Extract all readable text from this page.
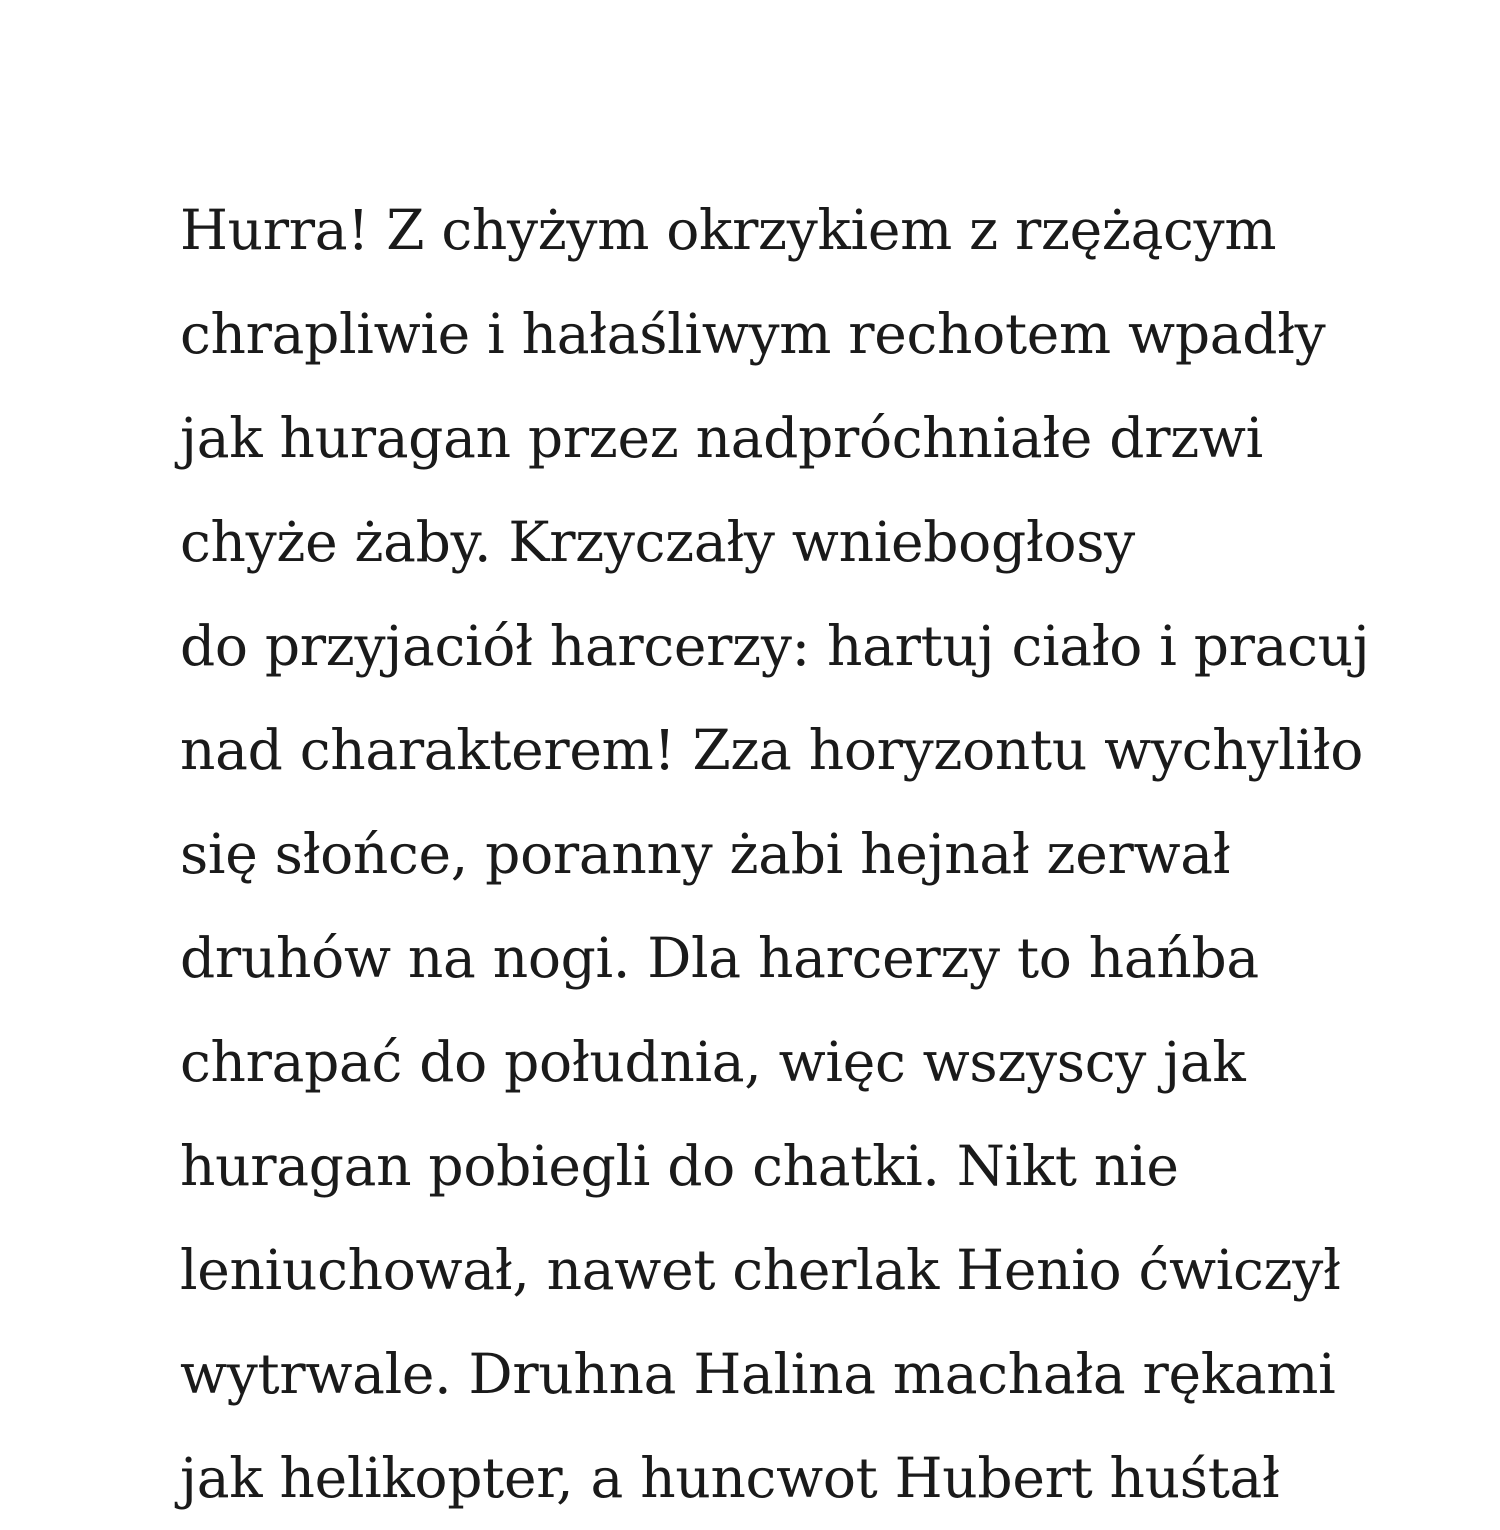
Hurra! Z chyżym okrzykiem z rzężącym
chrapliwie i hałaśliwym rechotem wpadły
jak huragan przez nadpróchniałe drzwi
chyże żaby. Krzyczały wniebogłosy
do przyjaciół harcerzy: hartuj ciało i pracuj
nad charakterem! Zza horyzontu wychyliło
się słońce, poranny żabi hejnał zerwał
druhów na nogi. Dla harcerzy to hańba
chrapać do południa, więc wszyscy jak
huragan pobiegli do chatki. Nikt nie
leniuchował, nawet cherlak Henio ćwiczył
wytrwale. Druhna Halina machała rękami
jak helikopter, a huncwot Hubert huśtał
